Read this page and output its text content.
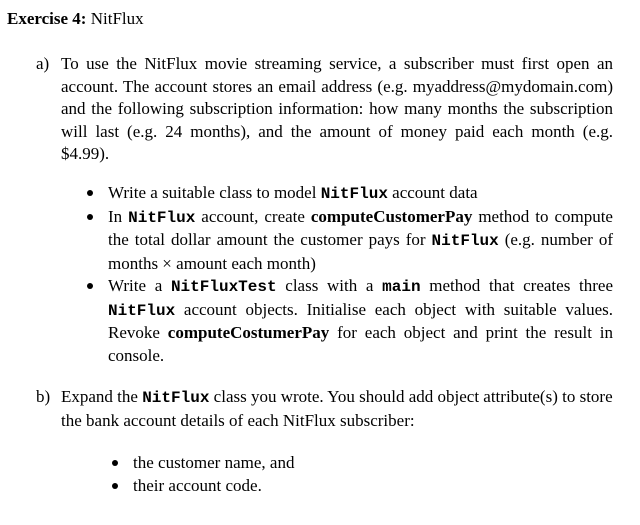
Exercise 4: NitFlux
a) To use the NitFlux movie streaming service, a subscriber must first open an account. The account stores an email address (e.g. myaddress@mydomain.com) and the following subscription information: how many months the subscription will last (e.g. 24 months), and the amount of money paid each month (e.g. $4.99).
Write a suitable class to model NitFlux account data
In NitFlux account, create computeCustomerPay method to compute the total dollar amount the customer pays for NitFlux (e.g. number of months × amount each month)
Write a NitFluxTest class with a main method that creates three NitFlux account objects. Initialise each object with suitable values. Revoke computeCostumerPay for each object and print the result in console.
b) Expand the NitFlux class you wrote. You should add object attribute(s) to store the bank account details of each NitFlux subscriber:
the customer name, and
their account code.
